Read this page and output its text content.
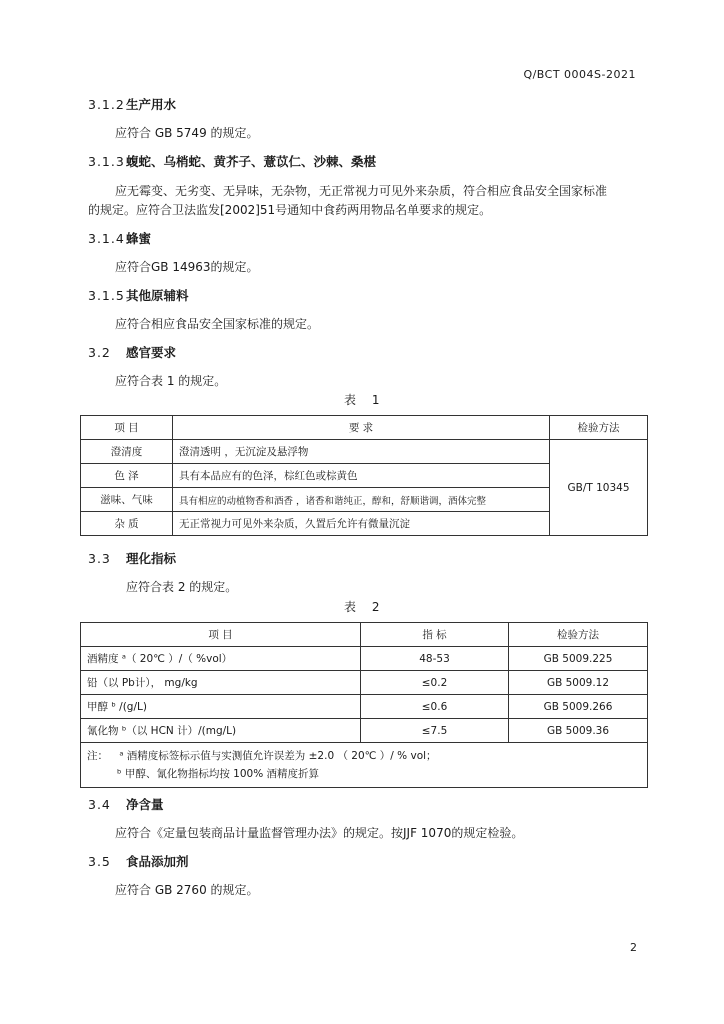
Q/BCT 0004S-2021
3.1.2生产用水
应符合 GB 5749 的规定。
3.1.3蝮蛇、乌梢蛇、黄芥子、薏苡仁、沙棘、桑椹
应无霉变、无劣变、无异味，无杂物，无正常视力可见外来杂质，符合相应食品安全国家标准
的规定。应符合卫法监发[2002]51号通知中食药两用物品名单要求的规定。
3.1.4蜂蜜
应符合GB 14963的规定。
3.1.5其他原辅料
应符合相应食品安全国家标准的规定。
3.2 感官要求
应符合表 1 的规定。
表 1
项 目	要 求	检验方法
澄清度	澄清透明 ，无沉淀及悬浮物	GB/T 10345
色 泽	具有本品应有的色泽，棕红色或棕黄色	
滋味、气味	具有相应的动植物香和酒香 ，诸香和谐纯正，醇和，舒顺谐调，酒体完整	
杂 质	无正常视力可见外来杂质，久置后允许有微量沉淀	
3.3 理化指标
应符合表 2 的规定。
表 2
项 目	指 标	检验方法
酒精度 ᵃ（ 20℃ ）/（ %vol）	48-53	GB 5009.225
铅（以 Pb计）， mg/kg	≤0.2	GB 5009.12
甲醇 ᵇ /(g/L)	≤0.6	GB 5009.266
氰化物 ᵇ（以 HCN 计）/(mg/L)	≤7.5	GB 5009.36
注： ᵃ 酒精度标签标示值与实测值允许误差为 ±2.0 （ 20℃ ）/ % vol；
ᵇ 甲醇、氰化物指标均按 100% 酒精度折算		
3.4 净含量
应符合《定量包装商品计量监督管理办法》的规定。按JJF 1070的规定检验。
3.5 食品添加剂
应符合 GB 2760 的规定。
2
